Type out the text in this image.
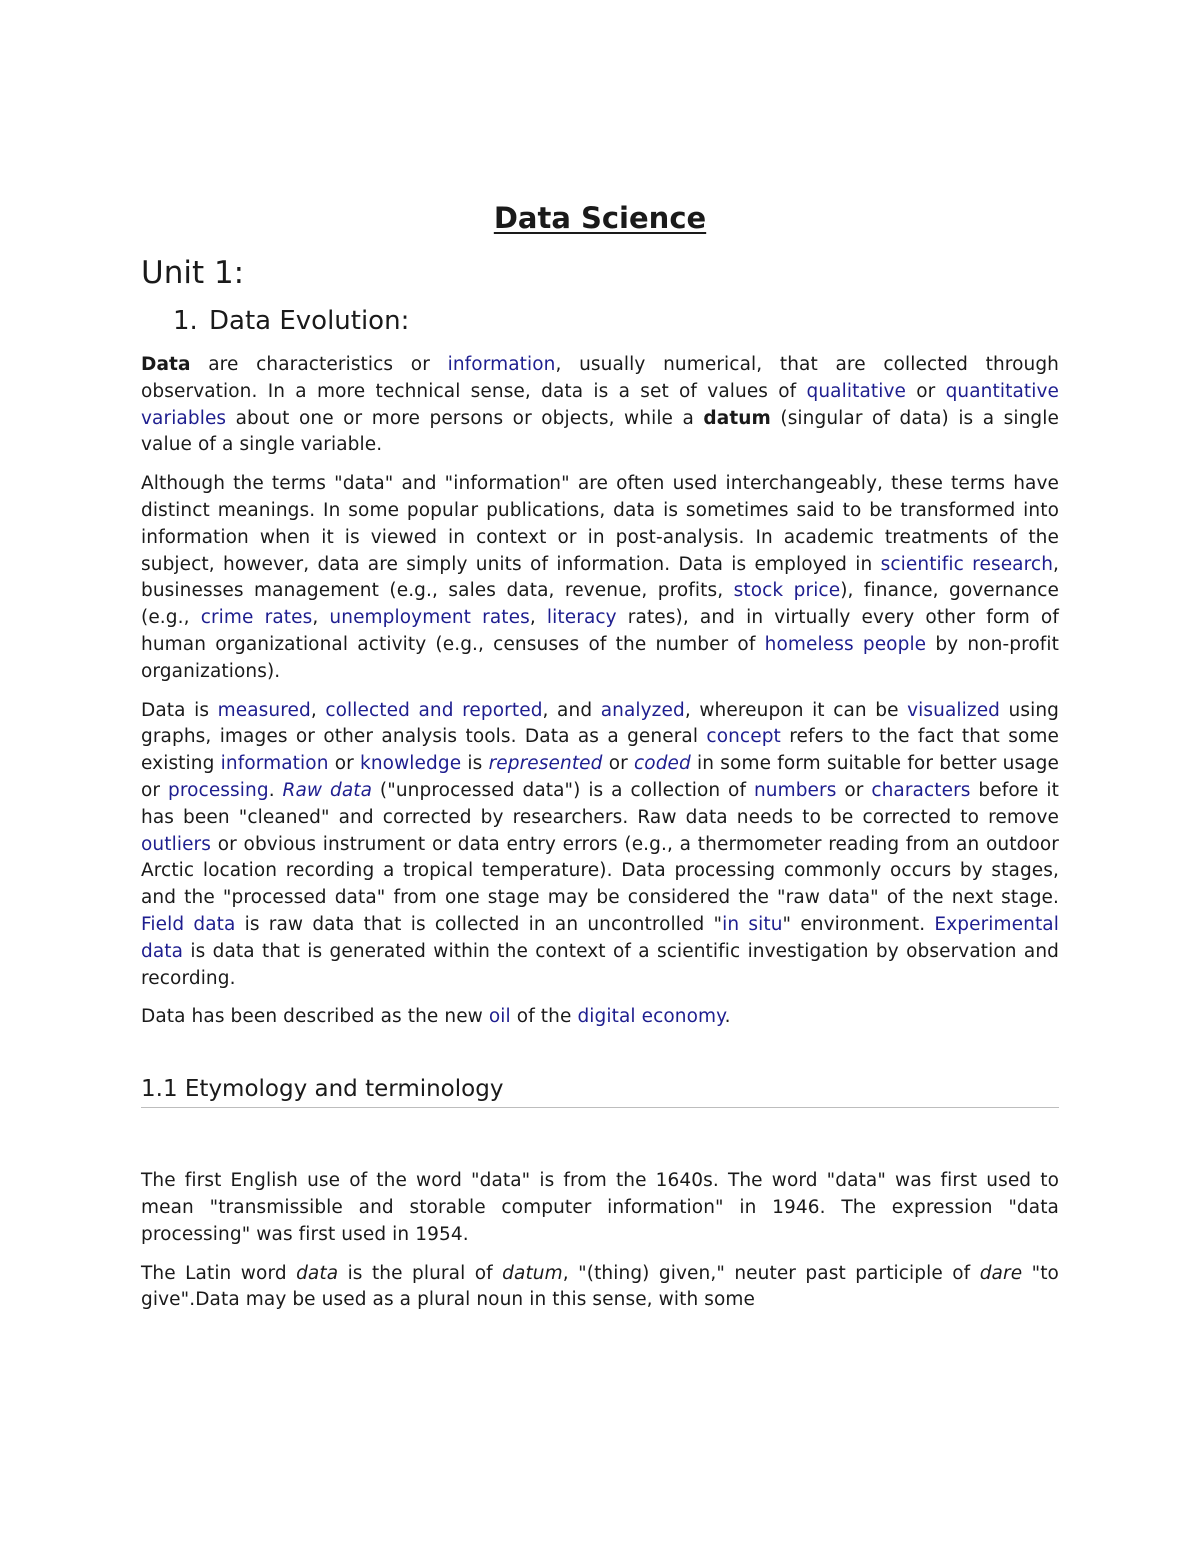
Data Science
Unit 1:
1. Data Evolution:

Data are characteristics or information, usually numerical, that are collected through observation. In a more technical sense, data is a set of values of qualitative or quantitative variables about one or more persons or objects, while a datum (singular of data) is a single value of a single variable.

Although the terms "data" and "information" are often used interchangeably, these terms have distinct meanings. In some popular publications, data is sometimes said to be transformed into information when it is viewed in context or in post-analysis. In academic treatments of the subject, however, data are simply units of information. Data is employed in scientific research, businesses management (e.g., sales data, revenue, profits, stock price), finance, governance (e.g., crime rates, unemployment rates, literacy rates), and in virtually every other form of human organizational activity (e.g., censuses of the number of homeless people by non-profit organizations).

Data is measured, collected and reported, and analyzed, whereupon it can be visualized using graphs, images or other analysis tools. Data as a general concept refers to the fact that some existing information or knowledge is represented or coded in some form suitable for better usage or processing. Raw data ("unprocessed data") is a collection of numbers or characters before it has been "cleaned" and corrected by researchers. Raw data needs to be corrected to remove outliers or obvious instrument or data entry errors (e.g., a thermometer reading from an outdoor Arctic location recording a tropical temperature). Data processing commonly occurs by stages, and the "processed data" from one stage may be considered the "raw data" of the next stage. Field data is raw data that is collected in an uncontrolled "in situ" environment. Experimental data is data that is generated within the context of a scientific investigation by observation and recording.

Data has been described as the new oil of the digital economy.

1.1 Etymology and terminology

The first English use of the word "data" is from the 1640s. The word "data" was first used to mean "transmissible and storable computer information" in 1946. The expression "data processing" was first used in 1954.

The Latin word data is the plural of datum, "(thing) given," neuter past participle of dare "to give".Data may be used as a plural noun in this sense, with some
